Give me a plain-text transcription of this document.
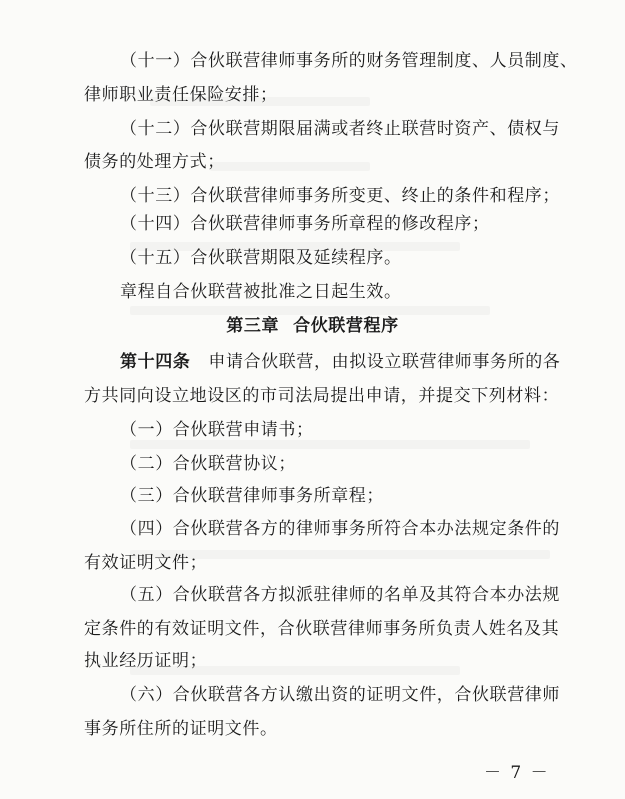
（十一）合伙联营律师事务所的财务管理制度、人员制度、
律师职业责任保险安排；
（十二）合伙联营期限届满或者终止联营时资产、债权与
债务的处理方式；
（十三）合伙联营律师事务所变更、终止的条件和程序；
（十四）合伙联营律师事务所章程的修改程序；
（十五）合伙联营期限及延续程序。
章程自合伙联营被批准之日起生效。
第三章 合伙联营程序
第十四条 申请合伙联营，由拟设立联营律师事务所的各
方共同向设立地设区的市司法局提出申请，并提交下列材料：
（一）合伙联营申请书；
（二）合伙联营协议；
（三）合伙联营律师事务所章程；
（四）合伙联营各方的律师事务所符合本办法规定条件的
有效证明文件；
（五）合伙联营各方拟派驻律师的名单及其符合本办法规
定条件的有效证明文件，合伙联营律师事务所负责人姓名及其
执业经历证明；
（六）合伙联营各方认缴出资的证明文件，合伙联营律师
事务所住所的证明文件。
－ 7 －
